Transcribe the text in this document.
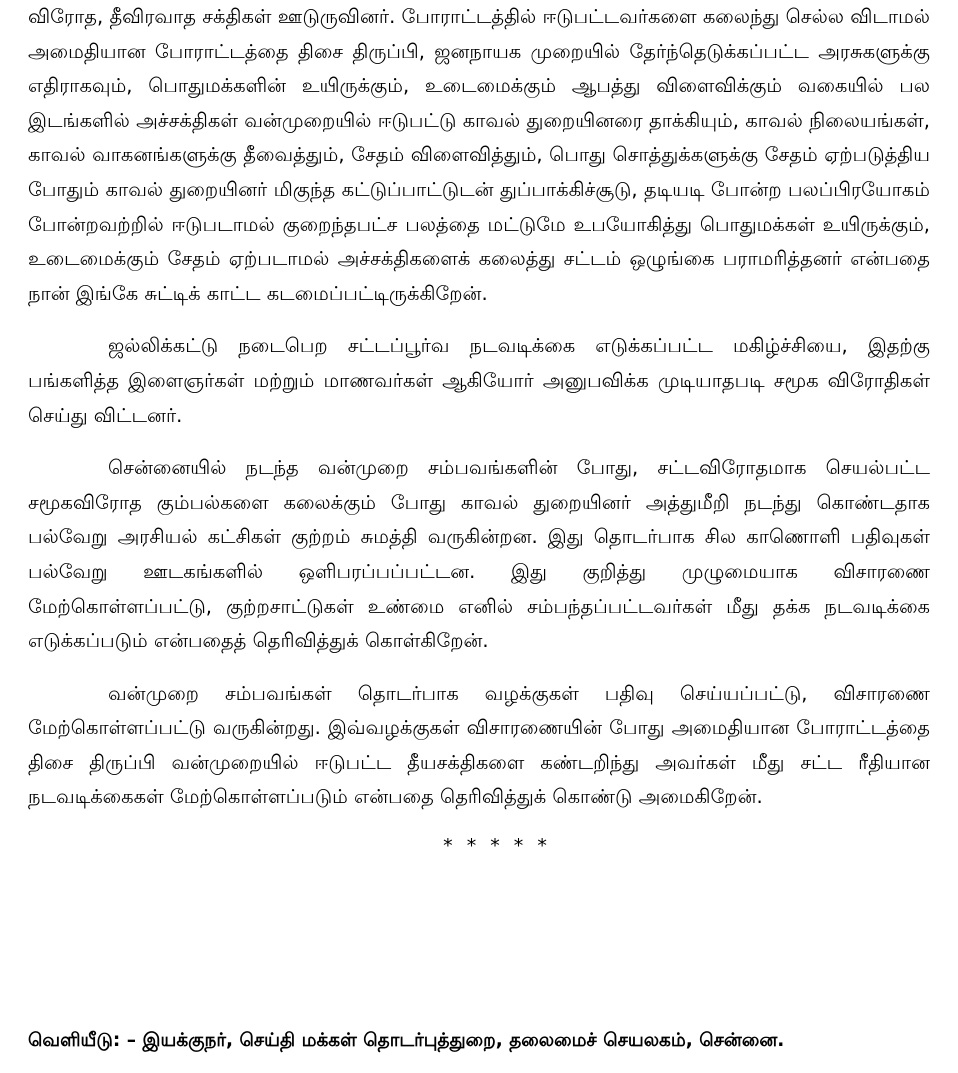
விரோத, தீவிரவாத சக்திகள் ஊடுருவினர். போராட்டத்தில் ஈடுபட்டவர்களை கலைந்து செல்ல விடாமல் அமைதியான போராட்டத்தை திசை திருப்பி, ஜனநாயக முறையில் தேர்ந்தெடுக்கப்பட்ட அரசுகளுக்கு எதிராகவும், பொதுமக்களின் உயிருக்கும், உடைமைக்கும் ஆபத்து விளைவிக்கும் வகையில் பல இடங்களில் அச்சக்திகள் வன்முறையில் ஈடுபட்டு காவல் துறையினரை தாக்கியும், காவல் நிலையங்கள், காவல் வாகனங்களுக்கு தீவைத்தும், சேதம் விளைவித்தும், பொது சொத்துக்களுக்கு சேதம் ஏற்படுத்திய போதும் காவல் துறையினர் மிகுந்த கட்டுப்பாட்டுடன் துப்பாக்கிச்சூடு, தடியடி போன்ற பலப்பிரயோகம் போன்றவற்றில் ஈடுபடாமல் குறைந்தபட்ச பலத்தை மட்டுமே உபயோகித்து பொதுமக்கள் உயிருக்கும், உடைமைக்கும் சேதம் ஏற்படாமல் அச்சக்திகளைக் கலைத்து சட்டம் ஒழுங்கை பராமரித்தனர் என்பதை நான் இங்கே சுட்டிக் காட்ட கடமைப்பட்டிருக்கிறேன்.

ஜல்லிக்கட்டு நடைபெற சட்டப்பூர்வ நடவடிக்கை எடுக்கப்பட்ட மகிழ்ச்சியை, இதற்கு பங்களித்த இளைஞர்கள் மற்றும் மாணவர்கள் ஆகியோர் அனுபவிக்க முடியாதபடி சமூக விரோதிகள் செய்து விட்டனர்.

சென்னையில் நடந்த வன்முறை சம்பவங்களின் போது, சட்டவிரோதமாக செயல்பட்ட சமூகவிரோத கும்பல்களை கலைக்கும் போது காவல் துறையினர் அத்துமீறி நடந்து கொண்டதாக பல்வேறு அரசியல் கட்சிகள் குற்றம் சுமத்தி வருகின்றன. இது தொடர்பாக சில காணொளி பதிவுகள் பல்வேறு ஊடகங்களில் ஒளிபரப்பப்பட்டன. இது குறித்து முழுமையாக விசாரணை மேற்கொள்ளப்பட்டு, குற்றசாட்டுகள் உண்மை எனில் சம்பந்தப்பட்டவர்கள் மீது தக்க நடவடிக்கை எடுக்கப்படும் என்பதைத் தெரிவித்துக் கொள்கிறேன்.

வன்முறை சம்பவங்கள் தொடர்பாக வழக்குகள் பதிவு செய்யப்பட்டு, விசாரணை மேற்கொள்ளப்பட்டு வருகின்றது. இவ்வழக்குகள் விசாரணையின் போது அமைதியான போராட்டத்தை திசை திருப்பி வன்முறையில் ஈடுபட்ட தீயசக்திகளை கண்டறிந்து அவர்கள் மீது சட்ட ரீதியான நடவடிக்கைகள் மேற்கொள்ளப்படும் என்பதை தெரிவித்துக் கொண்டு அமைகிறேன்.

* * * * *
வெளியீடு: – இயக்குநர், செய்தி மக்கள் தொடர்புத்துறை, தலைமைச் செயலகம், சென்னை.
